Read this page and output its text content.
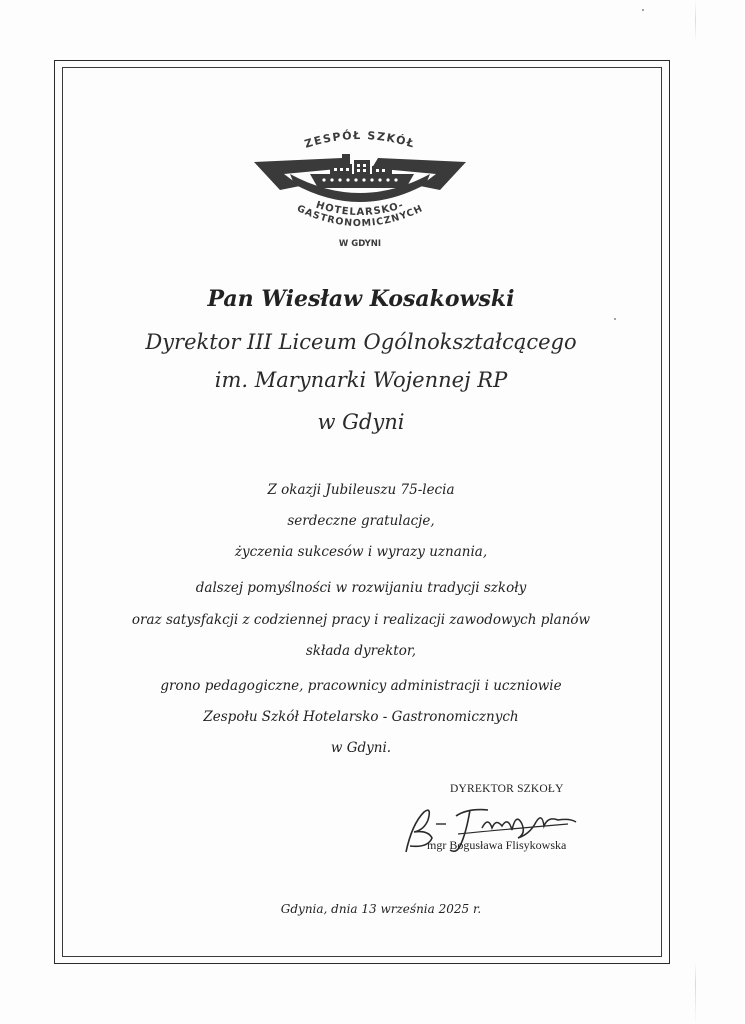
ZESPÓŁ SZKÓŁ
HOTELARSKO-
GASTRONOMICZNYCH
W GDYNI
Pan Wiesław Kosakowski
Dyrektor III Liceum Ogólnokształcącego
im. Marynarki Wojennej RP
w Gdyni
Z okazji Jubileuszu 75-lecia
serdeczne gratulacje,
życzenia sukcesów i wyrazy uznania,
dalszej pomyślności w rozwijaniu tradycji szkoły
oraz satysfakcji z codziennej pracy i realizacji zawodowych planów
składa dyrektor,
grono pedagogiczne, pracownicy administracji i uczniowie
Zespołu Szkół Hotelarsko - Gastronomicznych
w Gdyni.
DYREKTOR SZKOŁY
mgr Bogusława Flisykowska
Gdynia, dnia 13 września 2025 r.
